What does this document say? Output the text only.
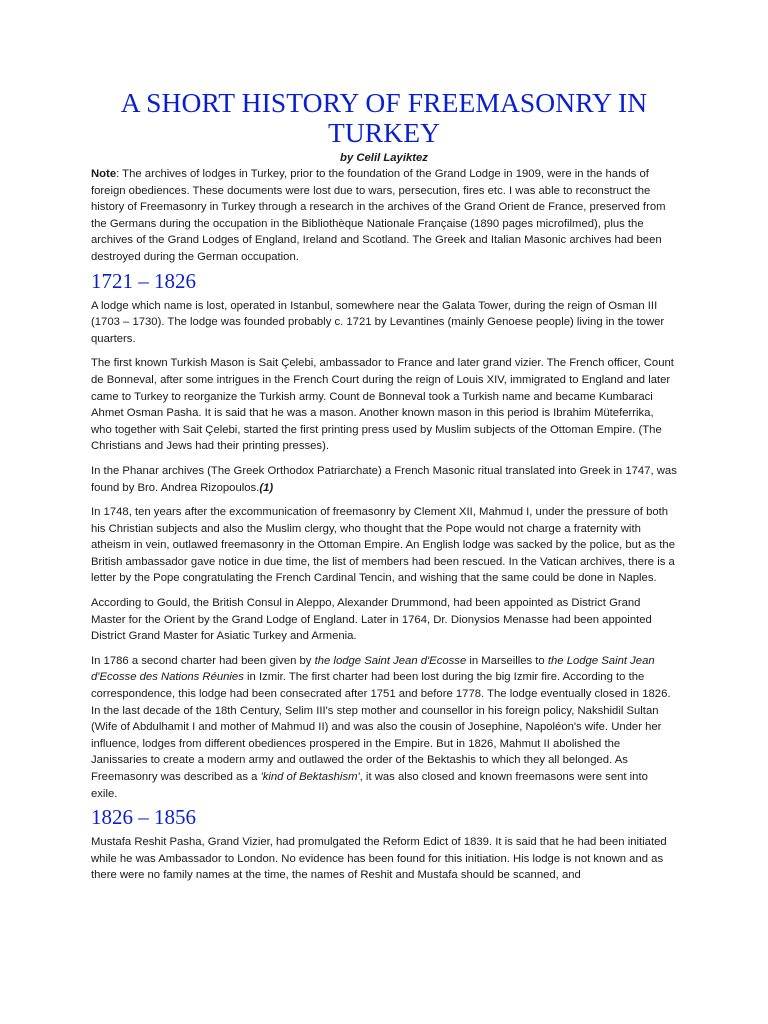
A SHORT HISTORY OF FREEMASONRY IN TURKEY
by Celil Layiktez

Note: The archives of lodges in Turkey, prior to the foundation of the Grand Lodge in 1909, were in the hands of foreign obediences. These documents were lost due to wars, persecution, fires etc. I was able to reconstruct the history of Freemasonry in Turkey through a research in the archives of the Grand Orient de France, preserved from the Germans during the occupation in the Bibliothèque Nationale Française (1890 pages microfilmed), plus the archives of the Grand Lodges of England, Ireland and Scotland. The Greek and Italian Masonic archives had been destroyed during the German occupation.

1721 – 1826

A lodge which name is lost, operated in Istanbul, somewhere near the Galata Tower, during the reign of Osman III (1703 – 1730). The lodge was founded probably c. 1721 by Levantines (mainly Genoese people) living in the tower quarters.

The first known Turkish Mason is Sait Çelebi, ambassador to France and later grand vizier. The French officer, Count de Bonneval, after some intrigues in the French Court during the reign of Louis XIV, immigrated to England and later came to Turkey to reorganize the Turkish army. Count de Bonneval took a Turkish name and became Kumbaraci Ahmet Osman Pasha. It is said that he was a mason. Another known mason in this period is Ibrahim Müteferrika, who together with Sait Çelebi, started the first printing press used by Muslim subjects of the Ottoman Empire. (The Christians and Jews had their printing presses).

In the Phanar archives (The Greek Orthodox Patriarchate) a French Masonic ritual translated into Greek in 1747, was found by Bro. Andrea Rizopoulos.(1)

In 1748, ten years after the excommunication of freemasonry by Clement XII, Mahmud I, under the pressure of both his Christian subjects and also the Muslim clergy, who thought that the Pope would not charge a fraternity with atheism in vein, outlawed freemasonry in the Ottoman Empire. An English lodge was sacked by the police, but as the British ambassador gave notice in due time, the list of members had been rescued. In the Vatican archives, there is a letter by the Pope congratulating the French Cardinal Tencin, and wishing that the same could be done in Naples.

According to Gould, the British Consul in Aleppo, Alexander Drummond, had been appointed as District Grand Master for the Orient by the Grand Lodge of England. Later in 1764, Dr. Dionysios Menasse had been appointed District Grand Master for Asiatic Turkey and Armenia.

In 1786 a second charter had been given by the lodge Saint Jean d'Ecosse in Marseilles to the Lodge Saint Jean d'Ecosse des Nations Réunies in Izmir. The first charter had been lost during the big Izmir fire. According to the correspondence, this lodge had been consecrated after 1751 and before 1778. The lodge eventually closed in 1826.

In the last decade of the 18th Century, Selim III's step mother and counsellor in his foreign policy, Nakshidil Sultan (Wife of Abdulhamit I and mother of Mahmud II) and was also the cousin of Josephine, Napoléon's wife. Under her influence, lodges from different obediences prospered in the Empire. But in 1826, Mahmut II abolished the Janissaries to create a modern army and outlawed the order of the Bektashis to which they all belonged. As Freemasonry was described as a 'kind of Bektashism', it was also closed and known freemasons were sent into exile.

1826 – 1856

Mustafa Reshit Pasha, Grand Vizier, had promulgated the Reform Edict of 1839. It is said that he had been initiated while he was Ambassador to London. No evidence has been found for this initiation. His lodge is not known and as there were no family names at the time, the names of Reshit and Mustafa should be scanned, and
